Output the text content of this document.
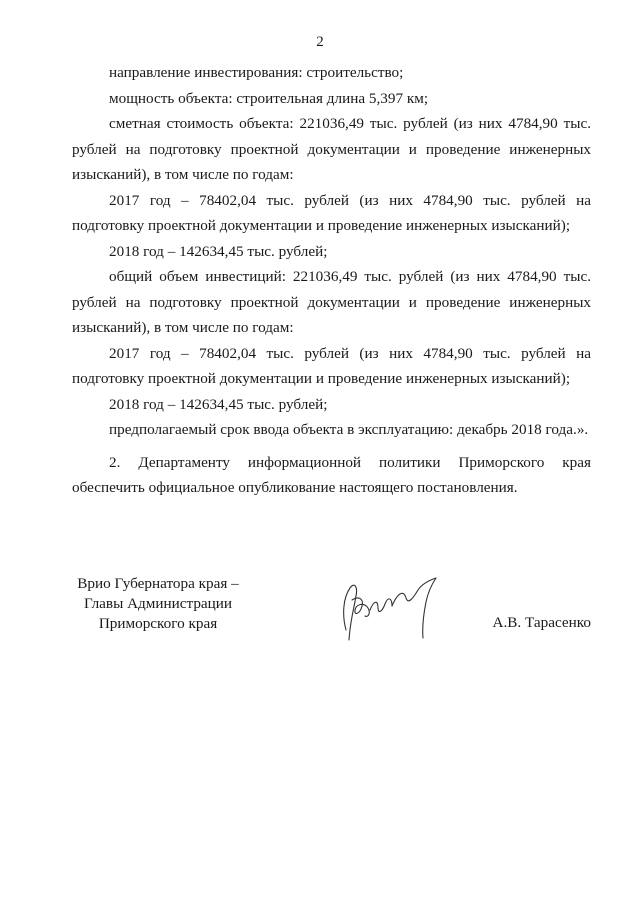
2

направление инвестирования: строительство;

мощность объекта: строительная длина 5,397 км;

сметная стоимость объекта: 221036,49 тыс. рублей (из них 4784,90 тыс. рублей на подготовку проектной документации и проведение инженерных изысканий), в том числе по годам:

2017 год – 78402,04 тыс. рублей (из них 4784,90 тыс. рублей на подготовку проектной документации и проведение инженерных изысканий);

2018 год – 142634,45 тыс. рублей;

общий объем инвестиций: 221036,49 тыс. рублей (из них 4784,90 тыс. рублей на подготовку проектной документации и проведение инженерных изысканий), в том числе по годам:

2017 год – 78402,04 тыс. рублей (из них 4784,90 тыс. рублей на подготовку проектной документации и проведение инженерных изысканий);

2018 год – 142634,45 тыс. рублей;

предполагаемый срок ввода объекта в эксплуатацию: декабрь 2018 года.».

2. Департаменту информационной политики Приморского края обеспечить официальное опубликование настоящего постановления.

Врио Губернатора края –
Главы Администрации
Приморского края	А.В. Тарасенко
